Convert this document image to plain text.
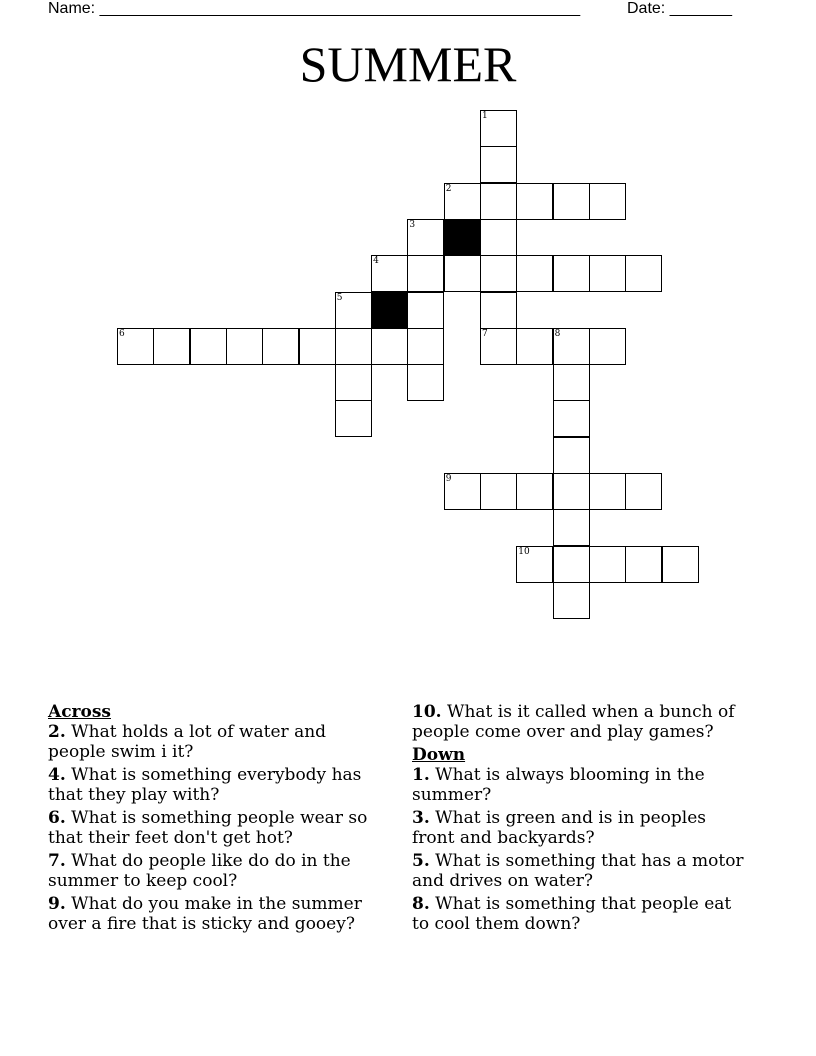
Name: ______________________________________________________	Date: _______
SUMMER
1
7
2
3
4
5
6	8
9
10
Across
2. What holds a lot of water and people swim i it?
4. What is something everybody has that they play with?
6. What is something people wear so that their feet don't get hot?
7. What do people like do do in the summer to keep cool?
9. What do you make in the summer over a fire that is sticky and gooey?
10. What is it called when a bunch of people come over and play games?
Down
1. What is always blooming in the summer?
3. What is green and is in peoples front and backyards?
5. What is something that has a motor and drives on water?
8. What is something that people eat to cool them down?
